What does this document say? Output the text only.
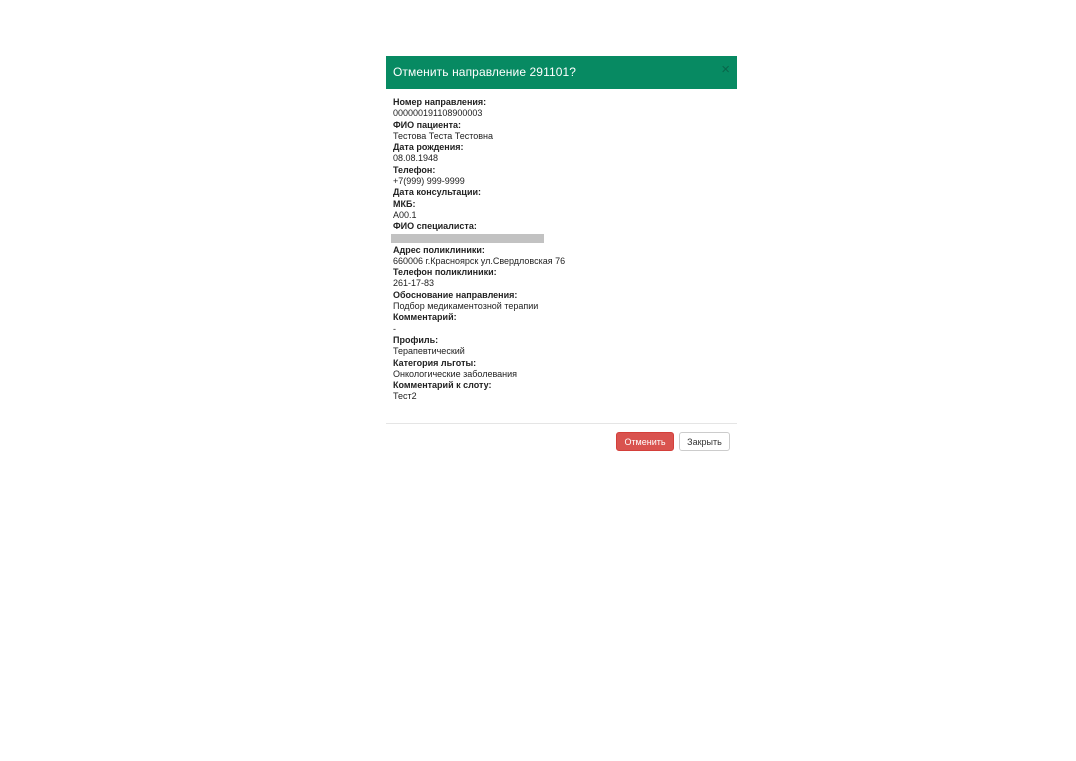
Отменить направление 291101?	×
Номер направления:
000000191108900003
ФИО пациента:
Тестова Теста Тестовна
Дата рождения:
08.08.1948
Телефон:
+7(999) 999-9999
Дата консультации:
МКБ:
A00.1
ФИО специалиста:
Адрес поликлиники:
660006 г.Красноярск ул.Свердловская 76
Телефон поликлиники:
261-17-83
Обоснование направления:
Подбор медикаментозной терапии
Комментарий:
-
Профиль:
Терапевтический
Категория льготы:
Онкологические заболевания
Комментарий к слоту:
Тест2
Отменить	Закрыть
